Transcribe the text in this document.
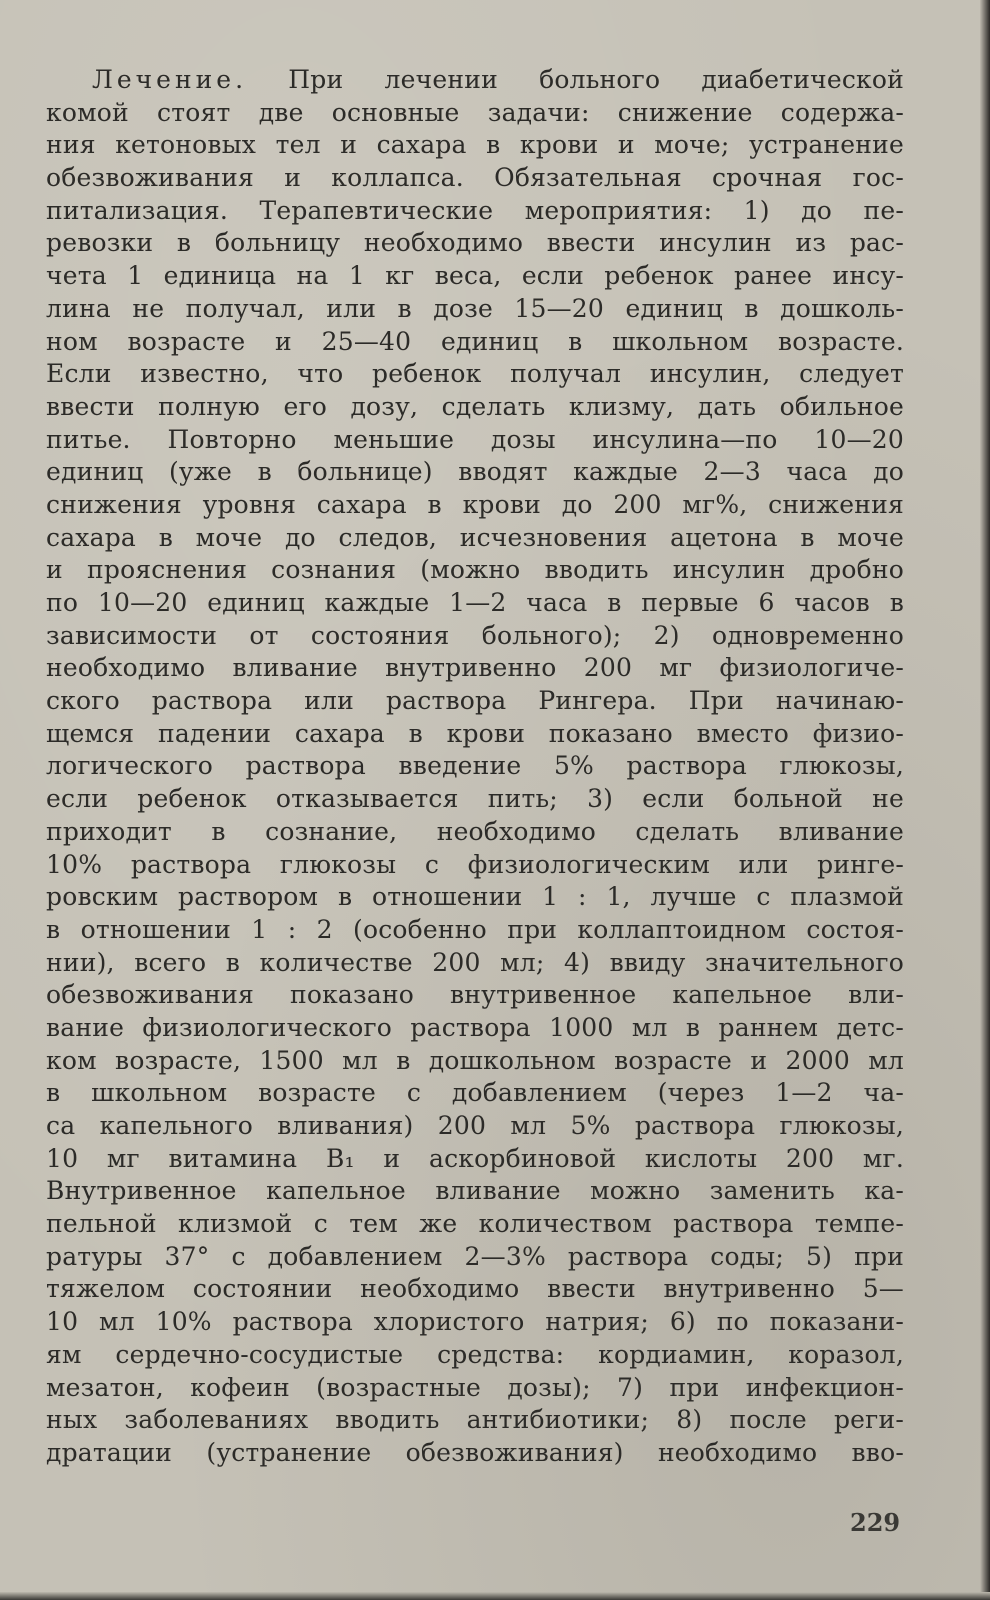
Лечение. При лечении больного диабетической
комой стоят две основные задачи: снижение содержа-
ния кетоновых тел и сахара в крови и моче; устранение
обезвоживания и коллапса. Обязательная срочная гос-
питализация. Терапевтические мероприятия: 1) до пе-
ревозки в больницу необходимо ввести инсулин из рас-
чета 1 единица на 1 кг веса, если ребенок ранее инсу-
лина не получал, или в дозе 15—20 единиц в дошколь-
ном возрасте и 25—40 единиц в школьном возрасте.
Если известно, что ребенок получал инсулин, следует
ввести полную его дозу, сделать клизму, дать обильное
питье. Повторно меньшие дозы инсулина—по 10—20
единиц (уже в больнице) вводят каждые 2—3 часа до
снижения уровня сахара в крови до 200 мг%, снижения
сахара в моче до следов, исчезновения ацетона в моче
и прояснения сознания (можно вводить инсулин дробно
по 10—20 единиц каждые 1—2 часа в первые 6 часов в
зависимости от состояния больного); 2) одновременно
необходимо вливание внутривенно 200 мг физиологиче-
ского раствора или раствора Рингера. При начинаю-
щемся падении сахара в крови показано вместо физио-
логического раствора введение 5% раствора глюкозы,
если ребенок отказывается пить; 3) если больной не
приходит в сознание, необходимо сделать вливание
10% раствора глюкозы с физиологическим или ринге-
ровским раствором в отношении 1 : 1, лучше с плазмой
в отношении 1 : 2 (особенно при коллаптоидном состоя-
нии), всего в количестве 200 мл; 4) ввиду значительного
обезвоживания показано внутривенное капельное вли-
вание физиологического раствора 1000 мл в раннем детс-
ком возрасте, 1500 мл в дошкольном возрасте и 2000 мл
в школьном возрасте с добавлением (через 1—2 ча-
са капельного вливания) 200 мл 5% раствора глюкозы,
10 мг витамина B₁ и аскорбиновой кислоты 200 мг.
Внутривенное капельное вливание можно заменить ка-
пельной клизмой с тем же количеством раствора темпе-
ратуры 37° с добавлением 2—3% раствора соды; 5) при
тяжелом состоянии необходимо ввести внутривенно 5—
10 мл 10% раствора хлористого натрия; 6) по показани-
ям сердечно-сосудистые средства: кордиамин, коразол,
мезатон, кофеин (возрастные дозы); 7) при инфекцион-
ных заболеваниях вводить антибиотики; 8) после реги-
дратации (устранение обезвоживания) необходимо вво-
229
